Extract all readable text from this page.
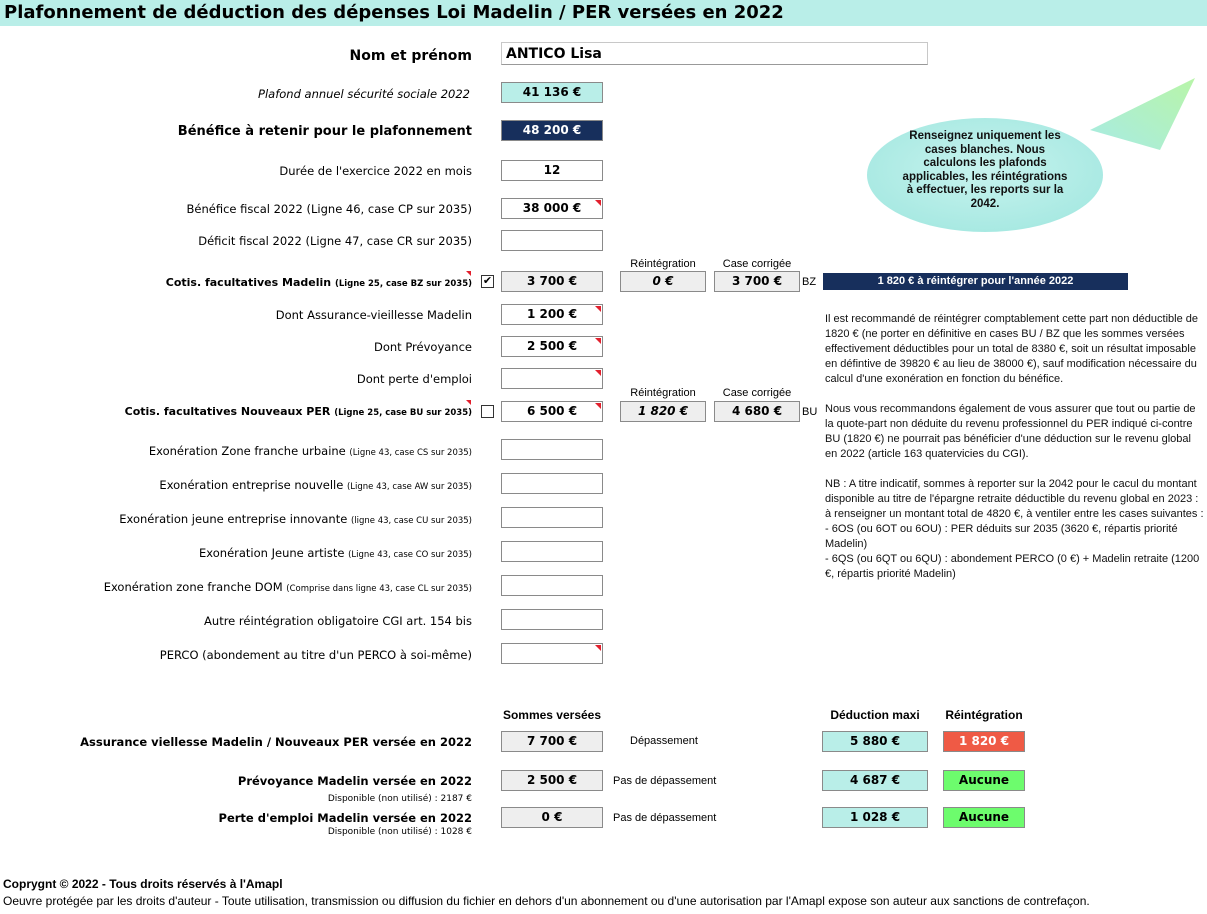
Plafonnement de déduction des dépenses Loi Madelin / PER versées en 2022
Nom et prénom	ANTICO Lisa
Plafond annuel sécurité sociale 2022	41 136 €
Bénéfice à retenir pour le plafonnement	48 200 €
Durée de l'exercice 2022 en mois	12
Bénéfice fiscal 2022 (Ligne 46, case CP sur 2035)	38 000 €
Déficit fiscal 2022 (Ligne 47, case CR sur 2035)
Réintégration	Case corrigée
Cotis. facultatives Madelin (Ligne 25, case BZ sur 2035) ✔	3 700 €	0 €	3 700 €	BZ	1 820 € à réintégrer pour l'année 2022
Dont Assurance-vieillesse Madelin	1 200 €
Dont Prévoyance	2 500 €
Dont perte d'emploi
Réintégration	Case corrigée
Cotis. facultatives Nouveaux PER (Ligne 25, case BU sur 2035)	6 500 €	1 820 €	4 680 €	BU
Exonération Zone franche urbaine (Ligne 43, case CS sur 2035)
Exonération entreprise nouvelle (Ligne 43, case AW sur 2035)
Exonération jeune entreprise innovante (ligne 43, case CU sur 2035)
Exonération Jeune artiste (Ligne 43, case CO sur 2035)
Exonération zone franche DOM (Comprise dans ligne 43, case CL sur 2035)
Autre réintégration obligatoire CGI art. 154 bis
PERCO (abondement au titre d'un PERCO à soi-même)
Renseignez uniquement les cases blanches. Nous calculons les plafonds applicables, les réintégrations à effectuer, les reports sur la 2042.
Il est recommandé de réintégrer comptablement cette part non déductible de 1820 € (ne porter en définitive en cases BU / BZ que les sommes versées effectivement déductibles pour un total de 8380 €, soit un résultat imposable en défintive de 39820 € au lieu de 38000 €), sauf modification nécessaire du calcul d'une exonération en fonction du bénéfice.
Nous vous recommandons également de vous assurer que tout ou partie de la quote-part non déduite du revenu professionnel du PER indiqué ci-contre BU (1820 €) ne pourrait pas bénéficier d'une déduction sur le revenu global en 2022 (article 163 quatervicies du CGI).
NB : A titre indicatif, sommes à reporter sur la 2042 pour le cacul du montant disponible au titre de l'épargne retraite déductible du revenu global en 2023 : à renseigner un montant total de 4820 €, à ventiler entre les cases suivantes :
- 6OS (ou 6OT ou 6OU) : PER déduits sur 2035 (3620 €, répartis priorité Madelin)
- 6QS (ou 6QT ou 6QU) : abondement PERCO (0 €) + Madelin retraite (1200 €, répartis priorité Madelin)
Sommes versées	Déduction maxi	Réintégration
Assurance viellesse Madelin / Nouveaux PER versée en 2022	7 700 €	Dépassement	5 880 €	1 820 €
Prévoyance Madelin versée en 2022
Disponible (non utilisé) : 2187 €
2 500 €	Pas de dépassement	4 687 €	Aucune
Perte d'emploi Madelin versée en 2022
Disponible (non utilisé) : 1028 €
0 €	Pas de dépassement	1 028 €	Aucune
Coprygnt © 2022 - Tous droits réservés à l'Amapl
Oeuvre protégée par les droits d'auteur - Toute utilisation, transmission ou diffusion du fichier en dehors d'un abonnement ou d'une autorisation par l'Amapl expose son auteur aux sanctions de contrefaçon.
